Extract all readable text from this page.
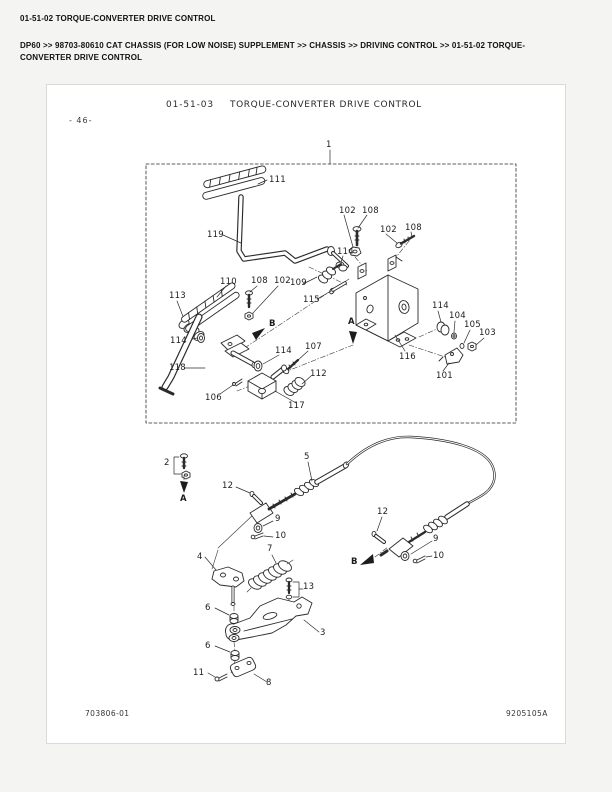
01-51-02 TORQUE-CONVERTER DRIVE CONTROL
DP60 >> 98703-80610 CAT CHASSIS (FOR LOW NOISE) SUPPLEMENT >> CHASSIS >> DRIVING CONTROL >> 01-51-02 TORQUE-CONVERTER DRIVE CONTROL
01-51-03 TORQUE-CONVERTER DRIVE CONTROL
- 46-
1
111
119
102 108
102 108
114
110 108 102 109
113	115
B
114
114 107
118
A
112
106
117
114
104
105
103
116
101
2
A
12
5
9
10
7
4
12
9
10
B
13
6
3
6
11
8
703806-01	9205105A
